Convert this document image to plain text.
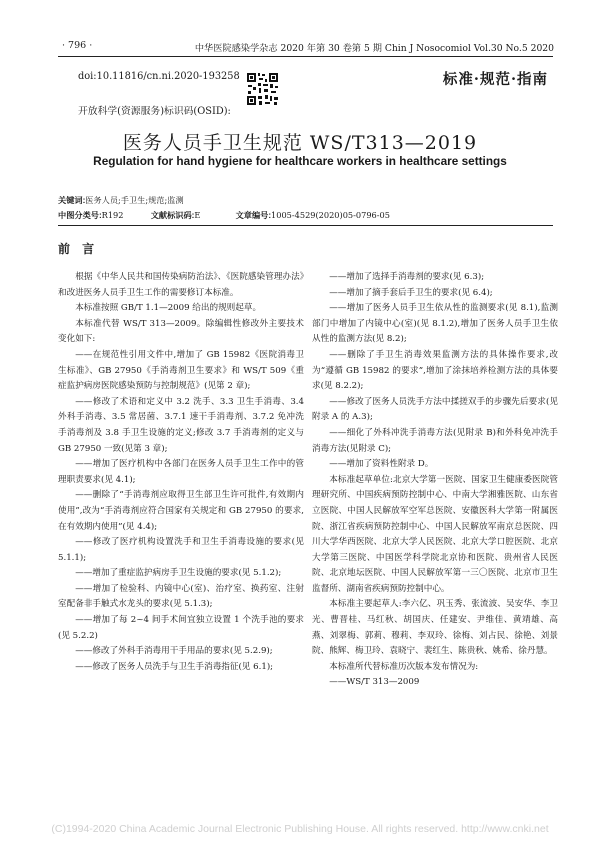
· 796 ·	中华医院感染学杂志 2020 年第 30 卷第 5 期 Chin J Nosocomiol Vol.30 No.5 2020
doi:10.11816/cn.ni.2020-193258	标准·规范·指南
开放科学(资源服务)标识码(OSID):
医务人员手卫生规范 WS/T313—2019
Regulation for hand hygiene for healthcare workers in healthcare settings
关键词:医务人员;手卫生;规范;监测
中图分类号:R192	文献标识码:E	文章编号:1005-4529(2020)05-0796-05
前 言

根据《中华人民共和国传染病防治法》、《医院感染管理办法》和改进医务人员手卫生工作的需要修订本标准。

本标准按照 GB/T 1.1—2009 给出的规则起草。

本标准代替 WS/T 313—2009。除编辑性修改外主要技术变化如下:

——在规范性引用文件中,增加了 GB 15982《医院消毒卫生标准》、GB 27950《手消毒剂卫生要求》和 WS/T 509《重症监护病房医院感染预防与控制规范》(见第 2 章);

——修改了术语和定义中 3.2 洗手、3.3 卫生手消毒、3.4 外科手消毒、3.5 常居菌、3.7.1 速干手消毒剂、3.7.2 免冲洗手消毒剂及 3.8 手卫生设施的定义;修改 3.7 手消毒剂的定义与 GB 27950 一致(见第 3 章);

——增加了医疗机构中各部门在医务人员手卫生工作中的管理职责要求(见 4.1);

——删除了“手消毒剂应取得卫生部卫生许可批件,有效期内使用”,改为“手消毒剂应符合国家有关规定和 GB 27950 的要求,在有效期内使用”(见 4.4);

——修改了医疗机构设置洗手和卫生手消毒设施的要求(见 5.1.1);

——增加了重症监护病房手卫生设施的要求(见 5.1.2);

——增加了检验科、内镜中心(室)、治疗室、换药室、注射室配备非手触式水龙头的要求(见 5.1.3);

——增加了每 2~4 间手术间宜独立设置 1 个洗手池的要求(见 5.2.2)

——修改了外科手消毒用干手用品的要求(见 5.2.9);

——修改了医务人员洗手与卫生手消毒指征(见 6.1);

——增加了选择手消毒剂的要求(见 6.3);

——增加了摘手套后手卫生的要求(见 6.4);

——增加了医务人员手卫生依从性的监测要求(见 8.1),监测部门中增加了内镜中心(室)(见 8.1.2),增加了医务人员手卫生依从性的监测方法(见 8.2);

——删除了手卫生消毒效果监测方法的具体操作要求,改为“遵循 GB 15982 的要求”,增加了涂抹培养检测方法的具体要求(见 8.2.2);

——修改了医务人员洗手方法中揉搓双手的步骤先后要求(见附录 A 的 A.3);

——细化了外科冲洗手消毒方法(见附录 B)和外科免冲洗手消毒方法(见附录 C);

——增加了资料性附录 D。

本标准起草单位:北京大学第一医院、国家卫生健康委医院管理研究所、中国疾病预防控制中心、中南大学湘雅医院、山东省立医院、中国人民解放军空军总医院、安徽医科大学第一附属医院、浙江省疾病预防控制中心、中国人民解放军南京总医院、四川大学华西医院、北京大学人民医院、北京大学口腔医院、北京大学第三医院、中国医学科学院北京协和医院、贵州省人民医院、北京地坛医院、中国人民解放军第一三〇医院、北京市卫生监督所、湖南省疾病预防控制中心。

本标准主要起草人:李六亿、巩玉秀、张流波、吴安华、李卫光、曹晋桂、马红秋、胡国庆、任建安、尹维佳、黄靖雄、高燕、刘翠梅、郭莉、穆莉、李双玲、徐梅、刘占民、徐艳、刘景院、熊辉、梅卫玲、袁晓宁、裴红生、陈贵秋、姚希、徐丹慧。

本标准所代替标准历次版本发布情况为:

——WS/T 313—2009

(C)1994-2020 China Academic Journal Electronic Publishing House. All rights reserved. http://www.cnki.net
